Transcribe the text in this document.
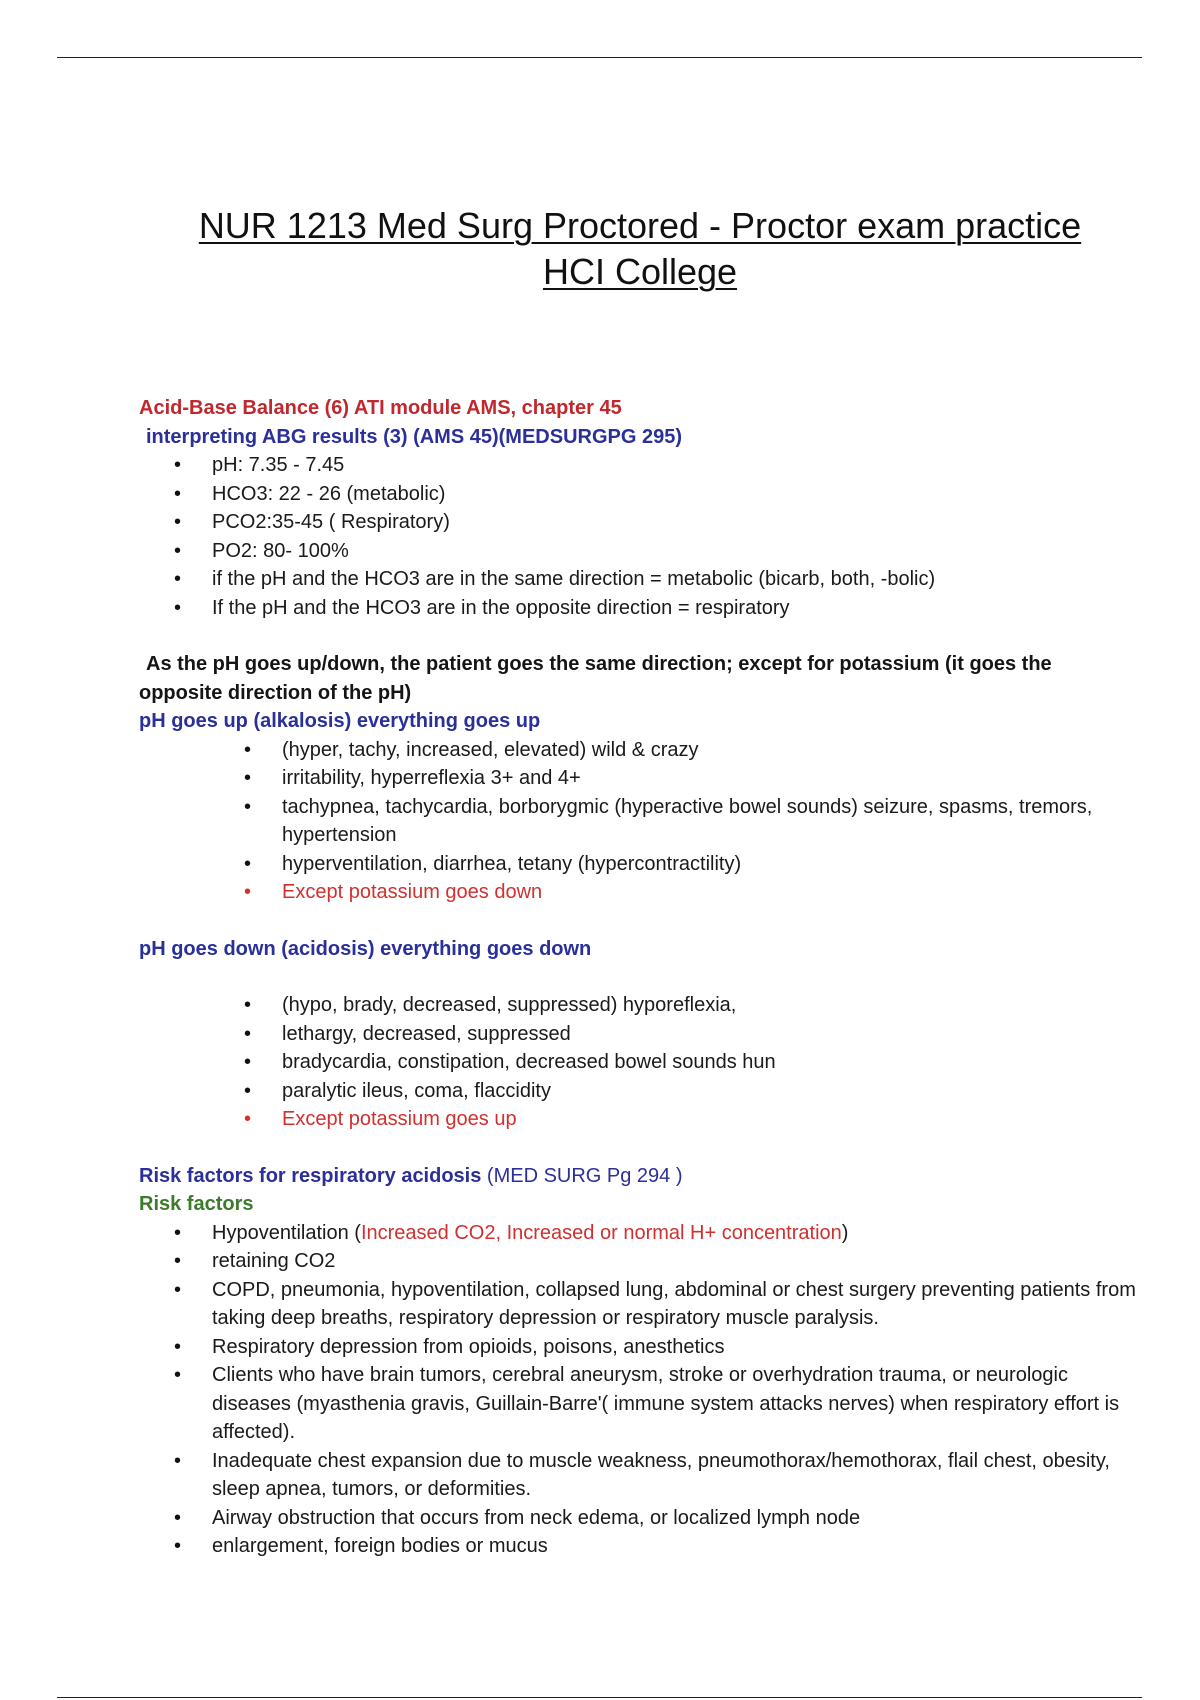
NUR 1213 Med Surg Proctored - Proctor exam practice
HCI College
Acid-Base Balance (6) ATI module AMS, chapter 45
interpreting ABG results (3) (AMS 45)(MEDSURGPG 295)
• pH: 7.35 - 7.45
• HCO3: 22 - 26 (metabolic)
• PCO2:35-45 ( Respiratory)
• PO2: 80- 100%
• if the pH and the HCO3 are in the same direction = metabolic (bicarb, both, -bolic)
• If the pH and the HCO3 are in the opposite direction = respiratory
As the pH goes up/down, the patient goes the same direction; except for potassium (it goes the opposite direction of the pH)
pH goes up (alkalosis) everything goes up
• (hyper, tachy, increased, elevated) wild & crazy
• irritability, hyperreflexia 3+ and 4+
• tachypnea, tachycardia, borborygmic (hyperactive bowel sounds) seizure, spasms, tremors, hypertension
• hyperventilation, diarrhea, tetany (hypercontractility)
• Except potassium goes down
pH goes down (acidosis) everything goes down
• (hypo, brady, decreased, suppressed) hyporeflexia,
• lethargy, decreased, suppressed
• bradycardia, constipation, decreased bowel sounds hun
• paralytic ileus, coma, flaccidity
• Except potassium goes up
Risk factors for respiratory acidosis (MED SURG Pg 294 )
Risk factors
• Hypoventilation (Increased CO2, Increased or normal H+ concentration)
• retaining CO2
• COPD, pneumonia, hypoventilation, collapsed lung, abdominal or chest surgery preventing patients from taking deep breaths, respiratory depression or respiratory muscle paralysis.
• Respiratory depression from opioids, poisons, anesthetics
• Clients who have brain tumors, cerebral aneurysm, stroke or overhydration trauma, or neurologic diseases (myasthenia gravis, Guillain-Barre'( immune system attacks nerves) when respiratory effort is affected).
• Inadequate chest expansion due to muscle weakness, pneumothorax/hemothorax, flail chest, obesity, sleep apnea, tumors, or deformities.
• Airway obstruction that occurs from neck edema, or localized lymph node
• enlargement, foreign bodies or mucus
